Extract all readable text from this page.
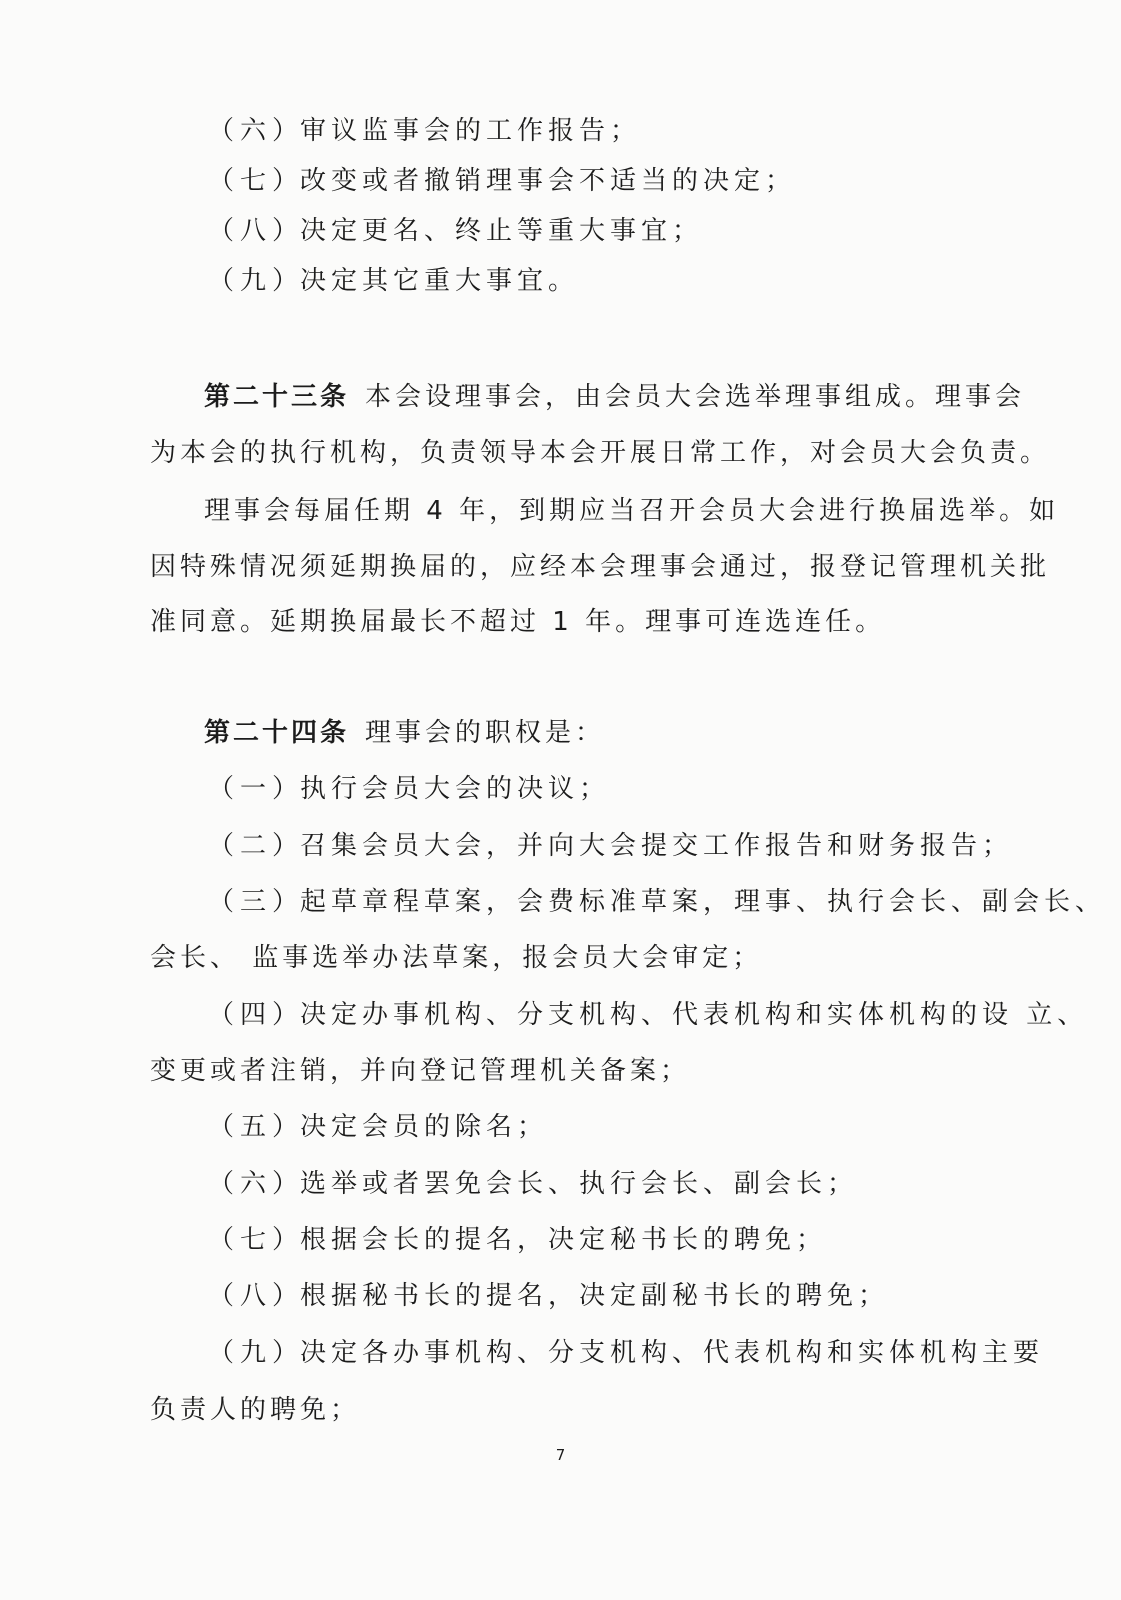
（六）审议监事会的工作报告；
（七）改变或者撤销理事会不适当的决定；
（八）决定更名、终止等重大事宜；
（九）决定其它重大事宜。
第二十三条 本会设理事会，由会员大会选举理事组成。理事会
为本会的执行机构，负责领导本会开展日常工作，对会员大会负责。
理事会每届任期 4 年，到期应当召开会员大会进行换届选举。如
因特殊情况须延期换届的，应经本会理事会通过，报登记管理机关批
准同意。延期换届最长不超过 1 年。理事可连选连任。
第二十四条 理事会的职权是：
（一）执行会员大会的决议；
（二）召集会员大会，并向大会提交工作报告和财务报告；
（三）起草章程草案，会费标准草案，理事、执行会长、副会长、
会长、 监事选举办法草案，报会员大会审定；
（四）决定办事机构、分支机构、代表机构和实体机构的设 立、
变更或者注销，并向登记管理机关备案；
（五）决定会员的除名；
（六）选举或者罢免会长、执行会长、副会长；
（七）根据会长的提名，决定秘书长的聘免；
（八）根据秘书长的提名，决定副秘书长的聘免；
（九）决定各办事机构、分支机构、代表机构和实体机构主要
负责人的聘免；
7
